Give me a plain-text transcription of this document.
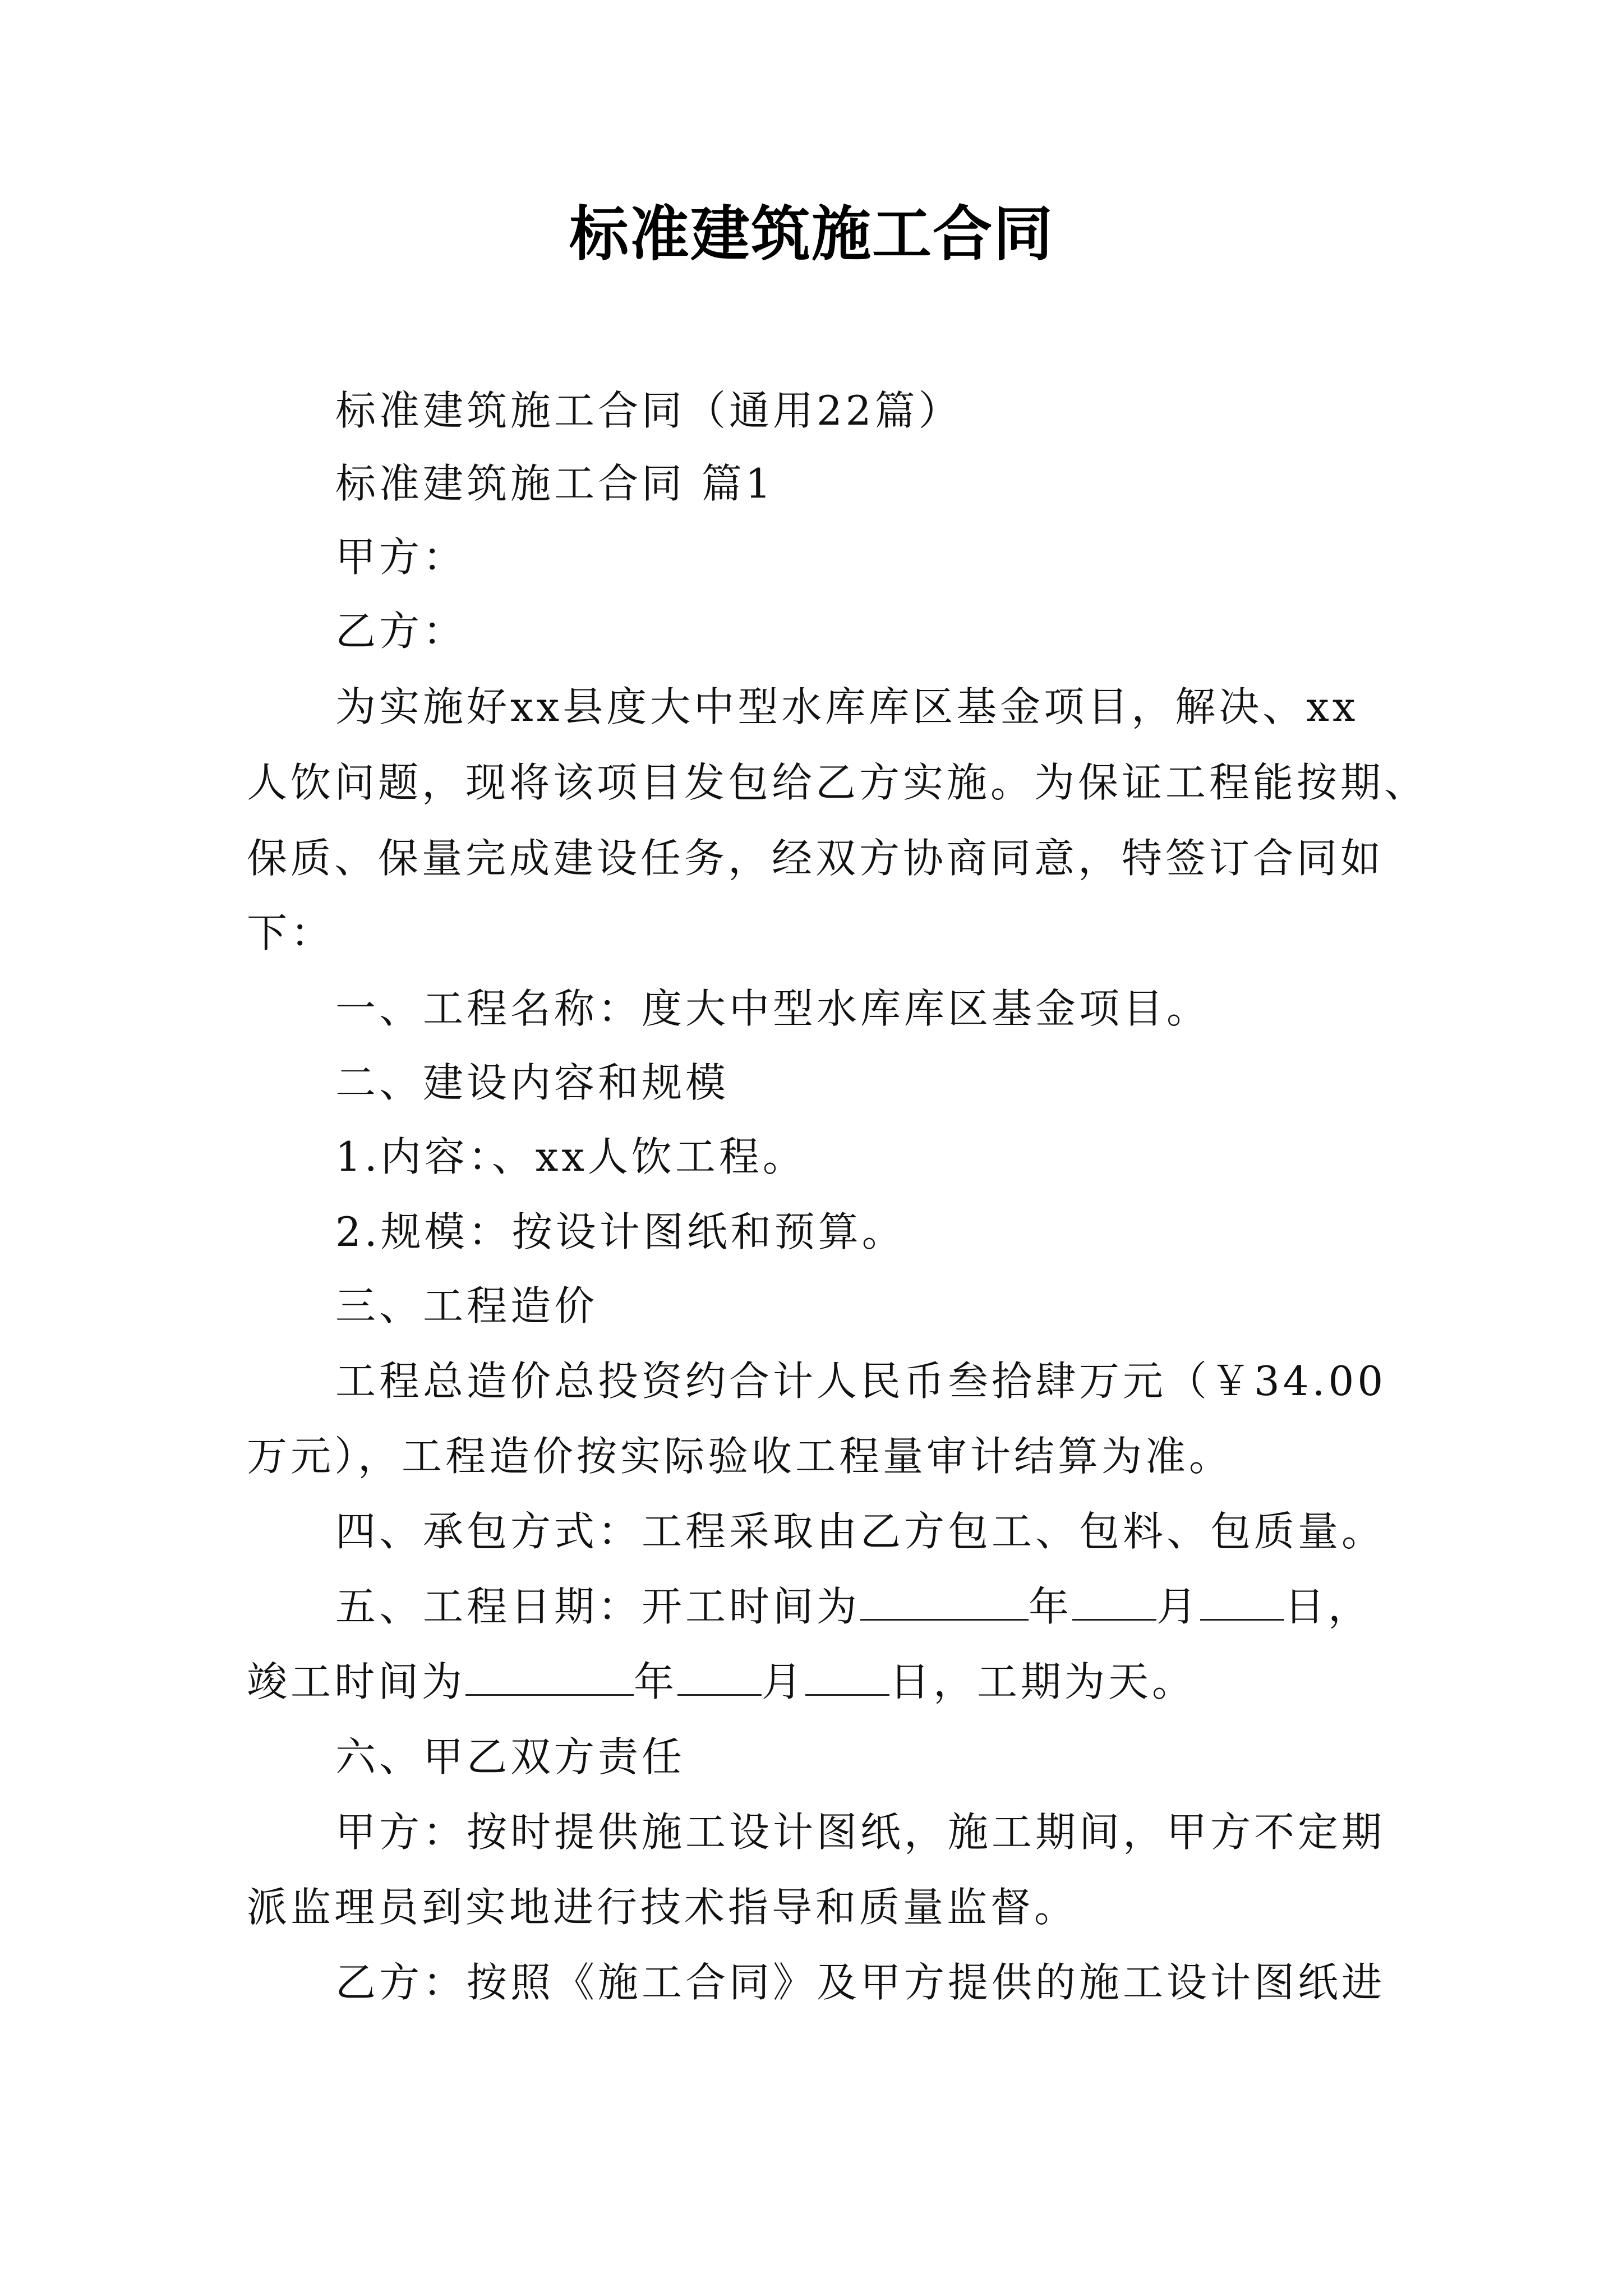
标准建筑施工合同
标准建筑施工合同（通用22篇）
标准建筑施工合同 篇1
甲方：
乙方：
为实施好xx县度大中型水库库区基金项目，解决、xx
人饮问题，现将该项目发包给乙方实施。为保证工程能按期、
保质、保量完成建设任务，经双方协商同意，特签订合同如
下：
一、工程名称：度大中型水库库区基金项目。
二、建设内容和规模
1.内容：、xx人饮工程。
2.规模：按设计图纸和预算。
三、工程造价
工程总造价总投资约合计人民币叁拾肆万元（￥34.00
万元），工程造价按实际验收工程量审计结算为准。
四、承包方式：工程采取由乙方包工、包料、包质量。
五、工程日期：开工时间为	年 月 日，
竣工时间为	年 月 日，工期为天。
六、甲乙双方责任
甲方：按时提供施工设计图纸，施工期间，甲方不定期
派监理员到实地进行技术指导和质量监督。
乙方：按照《施工合同》及甲方提供的施工设计图纸进
